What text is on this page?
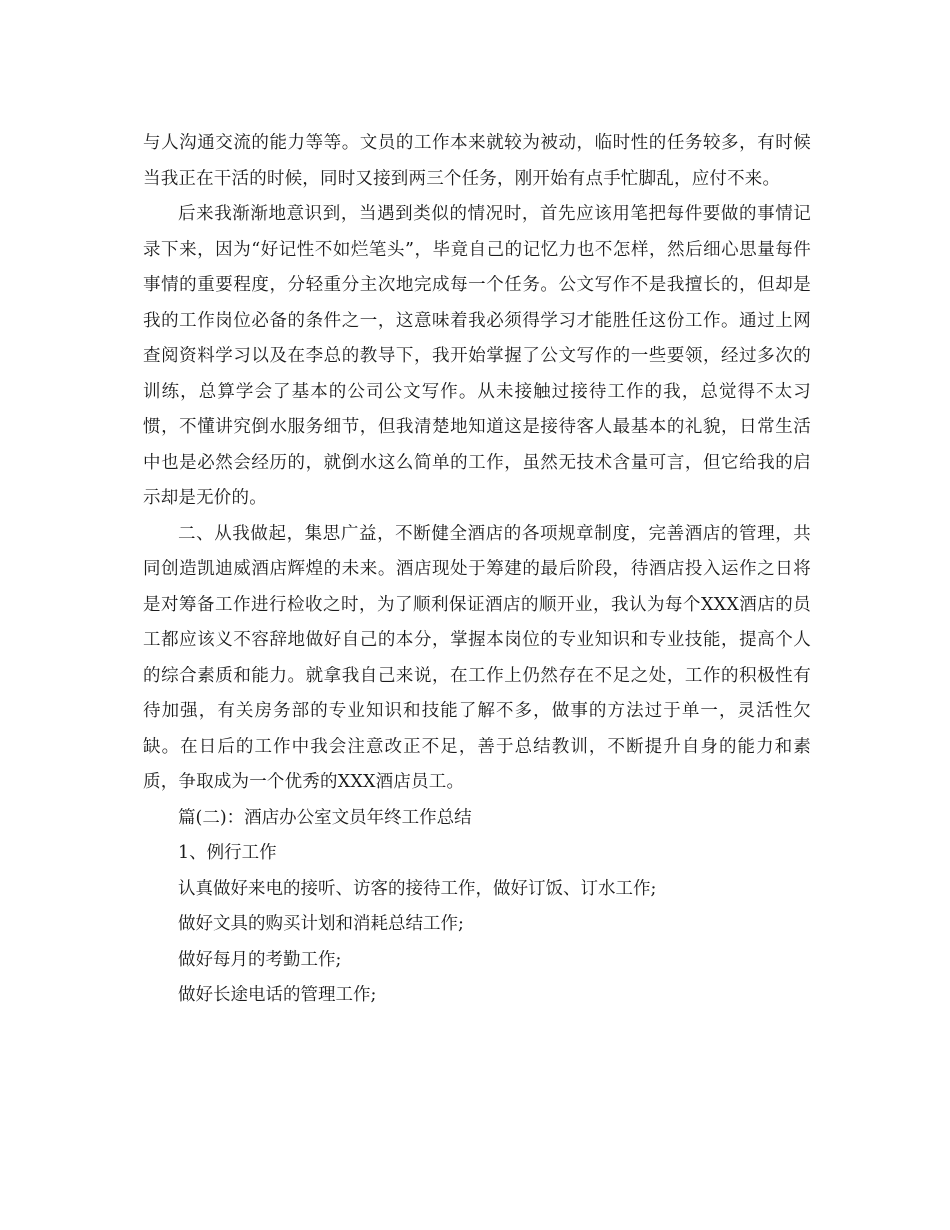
与人沟通交流的能力等等。文员的工作本来就较为被动，临时性的任务较多，有时候当我正在干活的时候，同时又接到两三个任务，刚开始有点手忙脚乱，应付不来。

后来我渐渐地意识到，当遇到类似的情况时，首先应该用笔把每件要做的事情记录下来，因为“好记性不如烂笔头”，毕竟自己的记忆力也不怎样，然后细心思量每件事情的重要程度，分轻重分主次地完成每一个任务。公文写作不是我擅长的，但却是我的工作岗位必备的条件之一，这意味着我必须得学习才能胜任这份工作。通过上网查阅资料学习以及在李总的教导下，我开始掌握了公文写作的一些要领，经过多次的训练，总算学会了基本的公司公文写作。从未接触过接待工作的我，总觉得不太习惯，不懂讲究倒水服务细节，但我清楚地知道这是接待客人最基本的礼貌，日常生活中也是必然会经历的，就倒水这么简单的工作，虽然无技术含量可言，但它给我的启示却是无价的。

二、从我做起，集思广益，不断健全酒店的各项规章制度，完善酒店的管理，共同创造凯迪威酒店辉煌的未来。酒店现处于筹建的最后阶段，待酒店投入运作之日将是对筹备工作进行检收之时，为了顺利保证酒店的顺开业，我认为每个XXX酒店的员工都应该义不容辞地做好自己的本分，掌握本岗位的专业知识和专业技能，提高个人的综合素质和能力。就拿我自己来说，在工作上仍然存在不足之处，工作的积极性有待加强，有关房务部的专业知识和技能了解不多，做事的方法过于单一，灵活性欠缺。在日后的工作中我会注意改正不足，善于总结教训，不断提升自身的能力和素质，争取成为一个优秀的XXX酒店员工。

篇(二)：酒店办公室文员年终工作总结

1、例行工作

认真做好来电的接听、访客的接待工作，做好订饭、订水工作;

做好文具的购买计划和消耗总结工作;

做好每月的考勤工作;

做好长途电话的管理工作;
